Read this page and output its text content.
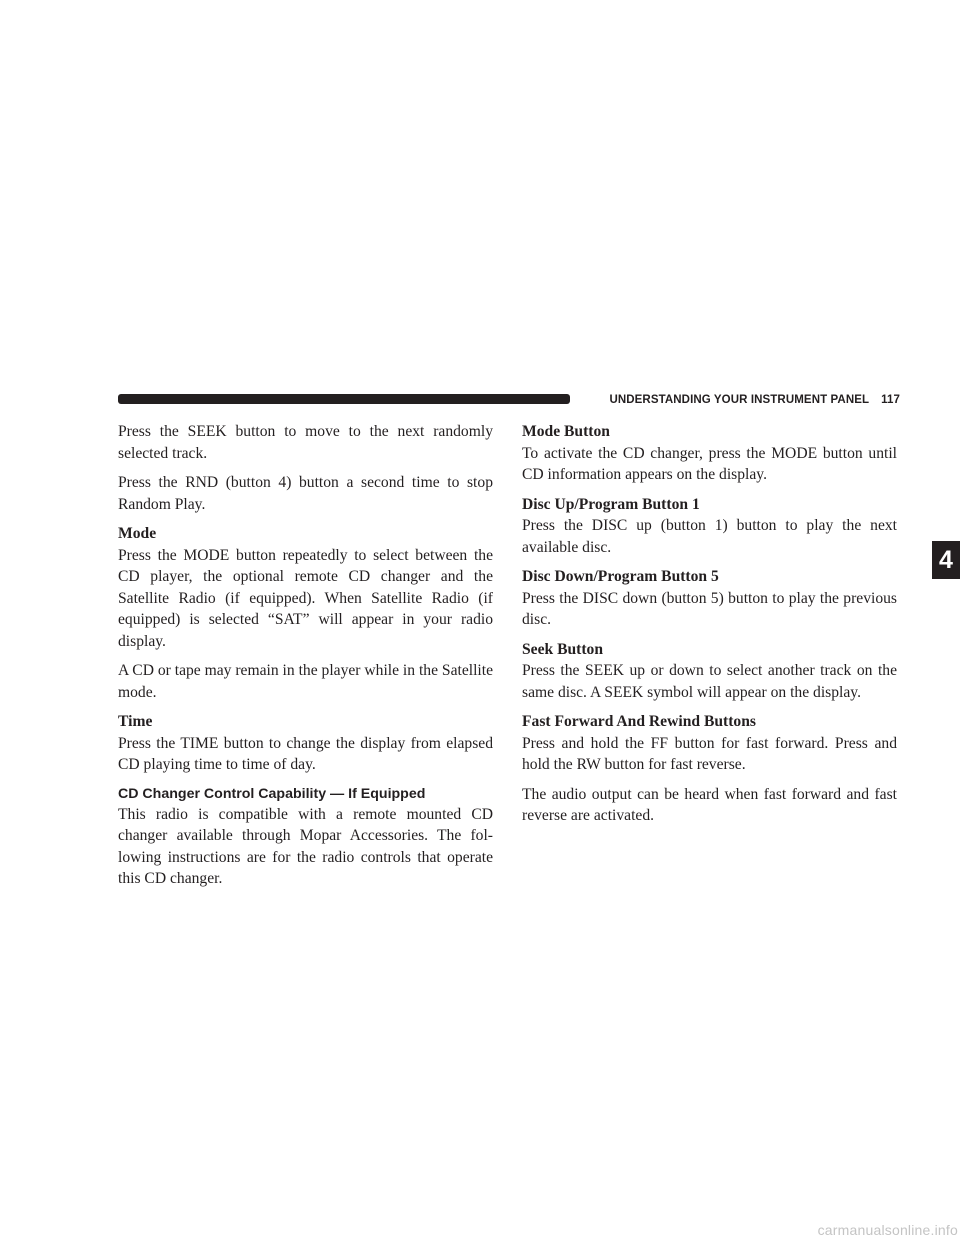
UNDERSTANDING YOUR INSTRUMENT PANEL 117
4

Press the SEEK button to move to the next randomly selected track.

Press the RND (button 4) button a second time to stop Random Play.

Mode

Press the MODE button repeatedly to select between the CD player, the optional remote CD changer and the Satellite Radio (if equipped). When Satellite Radio (if equipped) is selected “SAT” will appear in your radio display.

A CD or tape may remain in the player while in the Satellite mode.

Time

Press the TIME button to change the display from elapsed CD playing time to time of day.

CD Changer Control Capability — If Equipped

This radio is compatible with a remote mounted CD changer available through Mopar Accessories. The fol-lowing instructions are for the radio controls that operate this CD changer.

Mode Button

To activate the CD changer, press the MODE button until CD information appears on the display.

Disc Up/Program Button 1

Press the DISC up (button 1) button to play the next available disc.

Disc Down/Program Button 5

Press the DISC down (button 5) button to play the previous disc.

Seek Button

Press the SEEK up or down to select another track on the same disc. A SEEK symbol will appear on the display.

Fast Forward And Rewind Buttons

Press and hold the FF button for fast forward. Press and hold the RW button for fast reverse.

The audio output can be heard when fast forward and fast reverse are activated.

carmanualsonline.info
